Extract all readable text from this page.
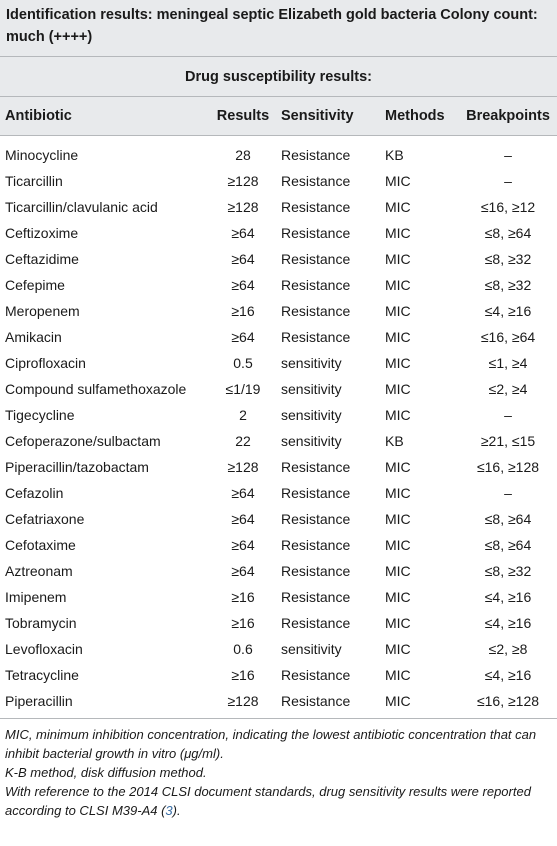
Identification results: meningeal septic Elizabeth gold bacteria Colony count: much (++++)

Drug susceptibility results:
Antibiotic	Results	Sensitivity	Methods	Breakpoints
Minocycline	28	Resistance	KB	–
Ticarcillin	≥128	Resistance	MIC	–
Ticarcillin/clavulanic acid	≥128	Resistance	MIC	≤16, ≥12
Ceftizoxime	≥64	Resistance	MIC	≤8, ≥64
Ceftazidime	≥64	Resistance	MIC	≤8, ≥32
Cefepime	≥64	Resistance	MIC	≤8, ≥32
Meropenem	≥16	Resistance	MIC	≤4, ≥16
Amikacin	≥64	Resistance	MIC	≤16, ≥64
Ciprofloxacin	0.5	sensitivity	MIC	≤1, ≥4
Compound sulfamethoxazole	≤1/19	sensitivity	MIC	≤2, ≥4
Tigecycline	2	sensitivity	MIC	–
Cefoperazone/sulbactam	22	sensitivity	KB	≥21, ≤15
Piperacillin/tazobactam	≥128	Resistance	MIC	≤16, ≥128
Cefazolin	≥64	Resistance	MIC	–
Cefatriaxone	≥64	Resistance	MIC	≤8, ≥64
Cefotaxime	≥64	Resistance	MIC	≤8, ≥64
Aztreonam	≥64	Resistance	MIC	≤8, ≥32
Imipenem	≥16	Resistance	MIC	≤4, ≥16
Tobramycin	≥16	Resistance	MIC	≤4, ≥16
Levofloxacin	0.6	sensitivity	MIC	≤2, ≥8
Tetracycline	≥16	Resistance	MIC	≤4, ≥16
Piperacillin	≥128	Resistance	MIC	≤16, ≥128

MIC, minimum inhibition concentration, indicating the lowest antibiotic concentration that can inhibit bacterial growth in vitro (μg/ml).

K-B method, disk diffusion method.

With reference to the 2014 CLSI document standards, drug sensitivity results were reported according to CLSI M39-A4 (3).
